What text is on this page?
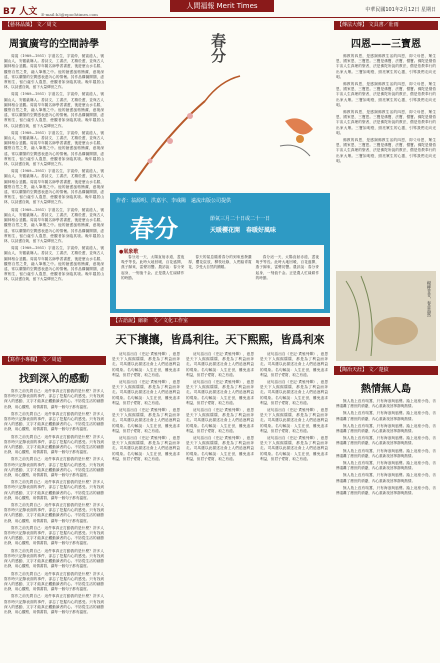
B7 人文 E-mail:b3@epochtimes.com
人間福報 Merit Times	中華民國101年2月12日 星期日
【藝林品藻】 文／周文
周賓廣穹的空間詩學

周賓（1989—1951）字道名生，字賓仲，號賓道人，號圖山人，安徽歙縣人。善詩文，工書法，尤精於畫，並與古人圖林相合並觀。周賓早年隨名師學習書畫，後遊歷山水名勝，觀察自然之景，融入筆墨之中。他的繪畫風格簡潔，意境深遠，常以廣闊的空間感表達內心的情懷。其作品構圖開闊，虛實相生，留白處引人遐思，使觀者如身臨其境。晚年隱居山林，以詩畫自娛，留下大量傳世之作。

周賓（1989—1951）字道名生，字賓仲，號賓道人，號圖山人，安徽歙縣人。善詩文，工書法，尤精於畫，並與古人圖林相合並觀。周賓早年隨名師學習書畫，後遊歷山水名勝，觀察自然之景，融入筆墨之中。他的繪畫風格簡潔，意境深遠，常以廣闊的空間感表達內心的情懷。其作品構圖開闊，虛實相生，留白處引人遐思，使觀者如身臨其境。晚年隱居山林，以詩畫自娛，留下大量傳世之作。

周賓（1989—1951）字道名生，字賓仲，號賓道人，號圖山人，安徽歙縣人。善詩文，工書法，尤精於畫，並與古人圖林相合並觀。周賓早年隨名師學習書畫，後遊歷山水名勝，觀察自然之景，融入筆墨之中。他的繪畫風格簡潔，意境深遠，常以廣闊的空間感表達內心的情懷。其作品構圖開闊，虛實相生，留白處引人遐思，使觀者如身臨其境。晚年隱居山林，以詩畫自娛，留下大量傳世之作。

周賓（1989—1951）字道名生，字賓仲，號賓道人，號圖山人，安徽歙縣人。善詩文，工書法，尤精於畫，並與古人圖林相合並觀。周賓早年隨名師學習書畫，後遊歷山水名勝，觀察自然之景，融入筆墨之中。他的繪畫風格簡潔，意境深遠，常以廣闊的空間感表達內心的情懷。其作品構圖開闊，虛實相生，留白處引人遐思，使觀者如身臨其境。晚年隱居山林，以詩畫自娛，留下大量傳世之作。

周賓（1989—1951）字道名生，字賓仲，號賓道人，號圖山人，安徽歙縣人。善詩文，工書法，尤精於畫，並與古人圖林相合並觀。周賓早年隨名師學習書畫，後遊歷山水名勝，觀察自然之景，融入筆墨之中。他的繪畫風格簡潔，意境深遠，常以廣闊的空間感表達內心的情懷。其作品構圖開闊，虛實相生，留白處引人遐思，使觀者如身臨其境。晚年隱居山林，以詩畫自娛，留下大量傳世之作。

周賓（1989—1951）字道名生，字賓仲，號賓道人，號圖山人，安徽歙縣人。善詩文，工書法，尤精於畫，並與古人圖林相合並觀。周賓早年隨名師學習書畫，後遊歷山水名勝，觀察自然之景，融入筆墨之中。他的繪畫風格簡潔，意境深遠，常以廣闊的空間感表達內心的情懷。其作品構圖開闊，虛實相生，留白處引人遐思，使觀者如身臨其境。晚年隱居山林，以詩畫自娛，留下大量傳世之作。

【寫作小專欄】 文／周道
找到深入的感動

寫作之前先問自己：這件事真正打動我的是什麼？許多人寫作時只記錄表面的事件，卻忘了挖掘內心的感受。只有找到深入的感動，文字才能真正觸動讀者的心。不妨從生活的細節出發，用心觀察，用情書寫，讓每一個句子都有溫度。

寫作之前先問自己：這件事真正打動我的是什麼？許多人寫作時只記錄表面的事件，卻忘了挖掘內心的感受。只有找到深入的感動，文字才能真正觸動讀者的心。不妨從生活的細節出發，用心觀察，用情書寫，讓每一個句子都有溫度。

寫作之前先問自己：這件事真正打動我的是什麼？許多人寫作時只記錄表面的事件，卻忘了挖掘內心的感受。只有找到深入的感動，文字才能真正觸動讀者的心。不妨從生活的細節出發，用心觀察，用情書寫，讓每一個句子都有溫度。

寫作之前先問自己：這件事真正打動我的是什麼？許多人寫作時只記錄表面的事件，卻忘了挖掘內心的感受。只有找到深入的感動，文字才能真正觸動讀者的心。不妨從生活的細節出發，用心觀察，用情書寫，讓每一個句子都有溫度。

寫作之前先問自己：這件事真正打動我的是什麼？許多人寫作時只記錄表面的事件，卻忘了挖掘內心的感受。只有找到深入的感動，文字才能真正觸動讀者的心。不妨從生活的細節出發，用心觀察，用情書寫，讓每一個句子都有溫度。

寫作之前先問自己：這件事真正打動我的是什麼？許多人寫作時只記錄表面的事件，卻忘了挖掘內心的感受。只有找到深入的感動，文字才能真正觸動讀者的心。不妨從生活的細節出發，用心觀察，用情書寫，讓每一個句子都有溫度。

寫作之前先問自己：這件事真正打動我的是什麼？許多人寫作時只記錄表面的事件，卻忘了挖掘內心的感受。只有找到深入的感動，文字才能真正觸動讀者的心。不妨從生活的細節出發，用心觀察，用情書寫，讓每一個句子都有溫度。

寫作之前先問自己：這件事真正打動我的是什麼？許多人寫作時只記錄表面的事件，卻忘了挖掘內心的感受。只有找到深入的感動，文字才能真正觸動讀者的心。不妨從生活的細節出發，用心觀察，用情書寫，讓每一個句子都有溫度。

寫作之前先問自己：這件事真正打動我的是什麼？許多人寫作時只記錄表面的事件，卻忘了挖掘內心的感受。只有找到深入的感動，文字才能真正觸動讀者的心。不妨從生活的細節出發，用心觀察，用情書寫，讓每一個句子都有溫度。

寫作之前先問自己：這件事真正打動我的是什麼？許多人寫作時只記錄表面的事件，卻忘了挖掘內心的感受。只有找到深入的感動，文字才能真正觸動讀者的心。不妨從生活的細節出發，用心觀察，用情書寫，讓每一個句子都有溫度。

春分
作者：翁源明、洪嘉宇、李彧陽　遠流出版公司提供
春分	節氣三月二十日或二十一日
天暖櫻花開　春暖好風味
●氣象歌

春分這一天，太陽直射赤道，晝夜幾乎等長。此時大地回暖，百花盛開，燕子歸來，雷聲初響。農諺說：春分麥起身，一刻值千金。正是農人忙碌耕作的時節。

春天的氣息隨著春分的到來愈發濃厚，櫻花綻放，柳枝吐綠，人們踏青賞花，享受大自然的饋贈。

春分這一天，太陽直射赤道，晝夜幾乎等長。此時大地回暖，百花盛開，燕子歸來，雷聲初響。農諺說：春分麥起身，一刻值千金。正是農人忙碌耕作的時節。

【古語說】縮新　文／文化工作室
天下攘攘，皆爲利往。天下熙熙，皆爲利來

這句話出自《史記·貨殖列傳》，意思是天下人熙熙攘攘，都是為了利益而奔走。司馬遷以此描述社會上人們追逐利益的現象。名句解說：人生在世，難免追求利益，但君子愛財，取之有道。

這句話出自《史記·貨殖列傳》，意思是天下人熙熙攘攘，都是為了利益而奔走。司馬遷以此描述社會上人們追逐利益的現象。名句解說：人生在世，難免追求利益，但君子愛財，取之有道。

這句話出自《史記·貨殖列傳》，意思是天下人熙熙攘攘，都是為了利益而奔走。司馬遷以此描述社會上人們追逐利益的現象。名句解說：人生在世，難免追求利益，但君子愛財，取之有道。

這句話出自《史記·貨殖列傳》，意思是天下人熙熙攘攘，都是為了利益而奔走。司馬遷以此描述社會上人們追逐利益的現象。名句解說：人生在世，難免追求利益，但君子愛財，取之有道。

這句話出自《史記·貨殖列傳》，意思是天下人熙熙攘攘，都是為了利益而奔走。司馬遷以此描述社會上人們追逐利益的現象。名句解說：人生在世，難免追求利益，但君子愛財，取之有道。

這句話出自《史記·貨殖列傳》，意思是天下人熙熙攘攘，都是為了利益而奔走。司馬遷以此描述社會上人們追逐利益的現象。名句解說：人生在世，難免追求利益，但君子愛財，取之有道。

這句話出自《史記·貨殖列傳》，意思是天下人熙熙攘攘，都是為了利益而奔走。司馬遷以此描述社會上人們追逐利益的現象。名句解說：人生在世，難免追求利益，但君子愛財，取之有道。

這句話出自《史記·貨殖列傳》，意思是天下人熙熙攘攘，都是為了利益而奔走。司馬遷以此描述社會上人們追逐利益的現象。名句解說：人生在世，難免追求利益，但君子愛財，取之有道。

這句話出自《史記·貨殖列傳》，意思是天下人熙熙攘攘，都是為了利益而奔走。司馬遷以此描述社會上人們追逐利益的現象。名句解說：人生在世，難免追求利益，但君子愛財，取之有道。

這句話出自《史記·貨殖列傳》，意思是天下人熙熙攘攘，都是為了利益而奔走。司馬遷以此描述社會上人們追逐利益的現象。名句解說：人生在世，難免追求利益，但君子愛財，取之有道。

這句話出自《史記·貨殖列傳》，意思是天下人熙熙攘攘，都是為了利益而奔走。司馬遷以此描述社會上人們追逐利益的現象。名句解說：人生在世，難免追求利益，但君子愛財，取之有道。

這句話出自《史記·貨殖列傳》，意思是天下人熙熙攘攘，都是為了利益而奔走。司馬遷以此描述社會上人們追逐利益的現象。名句解說：人生在世，難免追求利益，但君子愛財，取之有道。

【傳法大傳】 文具書／壯雨
四恩——三寶恩

佛教的四恩，是感謝佛教生活的四恩，即父母恩、眾生恩、國家恩、三寶恩。三寶是佛寶、法寶、僧寶。佛陀是覺悟宇宙人生真理的聖者，法是佛陀所說的教法，僧是依教奉行的出家大眾。三寶如明燈，照亮眾生的心靈，引導我們走向光明。

佛教的四恩，是感謝佛教生活的四恩，即父母恩、眾生恩、國家恩、三寶恩。三寶是佛寶、法寶、僧寶。佛陀是覺悟宇宙人生真理的聖者，法是佛陀所說的教法，僧是依教奉行的出家大眾。三寶如明燈，照亮眾生的心靈，引導我們走向光明。

佛教的四恩，是感謝佛教生活的四恩，即父母恩、眾生恩、國家恩、三寶恩。三寶是佛寶、法寶、僧寶。佛陀是覺悟宇宙人生真理的聖者，法是佛陀所說的教法，僧是依教奉行的出家大眾。三寶如明燈，照亮眾生的心靈，引導我們走向光明。

佛教的四恩，是感謝佛教生活的四恩，即父母恩、眾生恩、國家恩、三寶恩。三寶是佛寶、法寶、僧寶。佛陀是覺悟宇宙人生真理的聖者，法是佛陀所說的教法，僧是依教奉行的出家大眾。三寶如明燈，照亮眾生的心靈，引導我們走向光明。

楊柳青青，春意盎然
【陶冶天涯】 文／楚紋
熱情無人島

無人島上沒有喧囂，只有海浪與風聲。踏上這座小島，彷彿遠離了塵世的煩憂，內心重新找回寧靜與熱情。

無人島上沒有喧囂，只有海浪與風聲。踏上這座小島，彷彿遠離了塵世的煩憂，內心重新找回寧靜與熱情。

無人島上沒有喧囂，只有海浪與風聲。踏上這座小島，彷彿遠離了塵世的煩憂，內心重新找回寧靜與熱情。

無人島上沒有喧囂，只有海浪與風聲。踏上這座小島，彷彿遠離了塵世的煩憂，內心重新找回寧靜與熱情。

無人島上沒有喧囂，只有海浪與風聲。踏上這座小島，彷彿遠離了塵世的煩憂，內心重新找回寧靜與熱情。

無人島上沒有喧囂，只有海浪與風聲。踏上這座小島，彷彿遠離了塵世的煩憂，內心重新找回寧靜與熱情。

無人島上沒有喧囂，只有海浪與風聲。踏上這座小島，彷彿遠離了塵世的煩憂，內心重新找回寧靜與熱情。

無人島上沒有喧囂，只有海浪與風聲。踏上這座小島，彷彿遠離了塵世的煩憂，內心重新找回寧靜與熱情。
